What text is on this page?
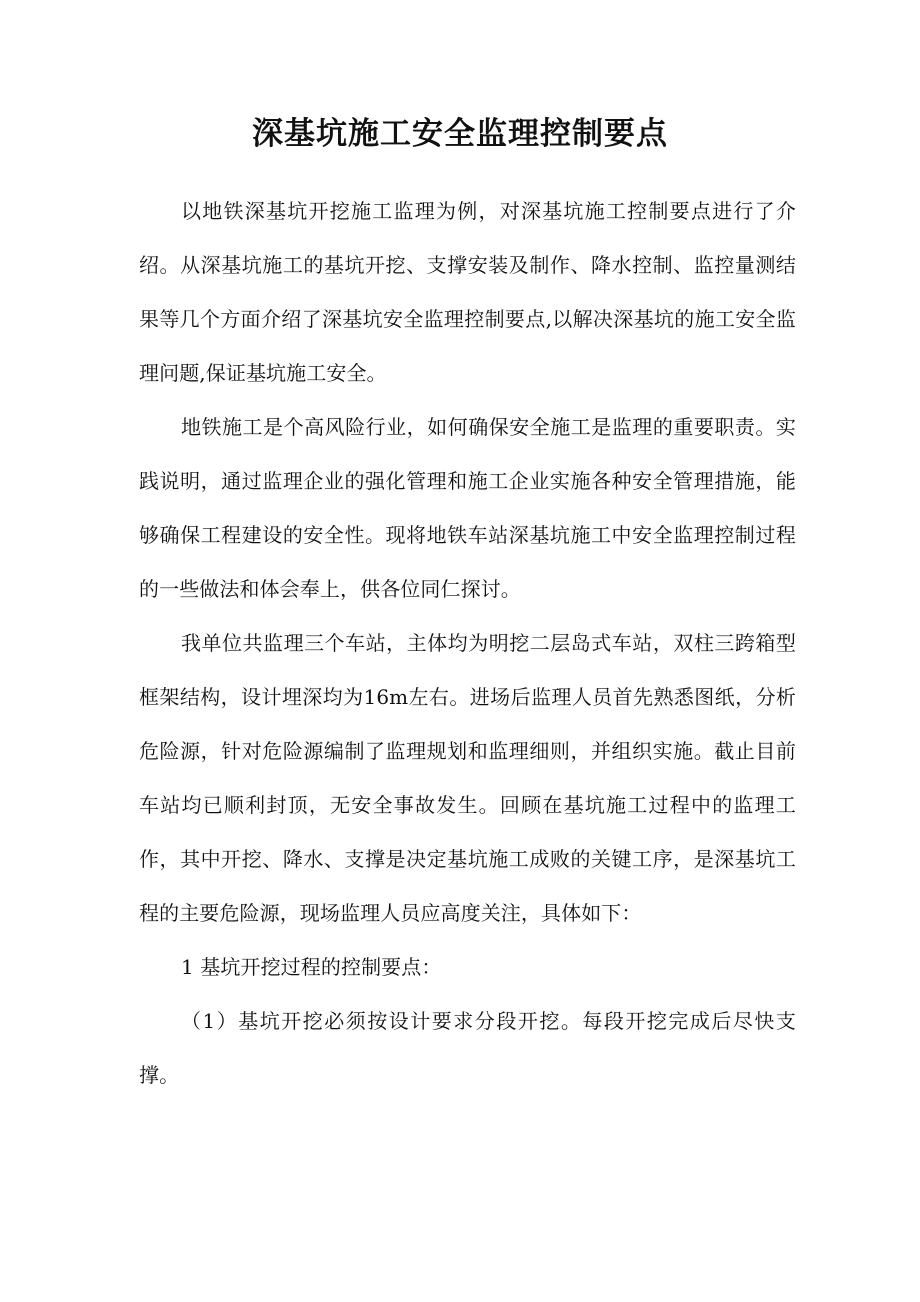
深基坑施工安全监理控制要点

以地铁深基坑开挖施工监理为例，对深基坑施工控制要点进行了介绍。从深基坑施工的基坑开挖、支撑安装及制作、降水控制、监控量测结果等几个方面介绍了深基坑安全监理控制要点,以解决深基坑的施工安全监理问题,保证基坑施工安全。

地铁施工是个高风险行业，如何确保安全施工是监理的重要职责。实践说明，通过监理企业的强化管理和施工企业实施各种安全管理措施，能够确保工程建设的安全性。现将地铁车站深基坑施工中安全监理控制过程的一些做法和体会奉上，供各位同仁探讨。

我单位共监理三个车站，主体均为明挖二层岛式车站，双柱三跨箱型框架结构，设计埋深均为16m左右。进场后监理人员首先熟悉图纸，分析危险源，针对危险源编制了监理规划和监理细则，并组织实施。截止目前车站均已顺利封顶，无安全事故发生。回顾在基坑施工过程中的监理工作，其中开挖、降水、支撑是决定基坑施工成败的关键工序，是深基坑工程的主要危险源，现场监理人员应高度关注，具体如下：

1 基坑开挖过程的控制要点：

（1）基坑开挖必须按设计要求分段开挖。每段开挖完成后尽快支撑。
